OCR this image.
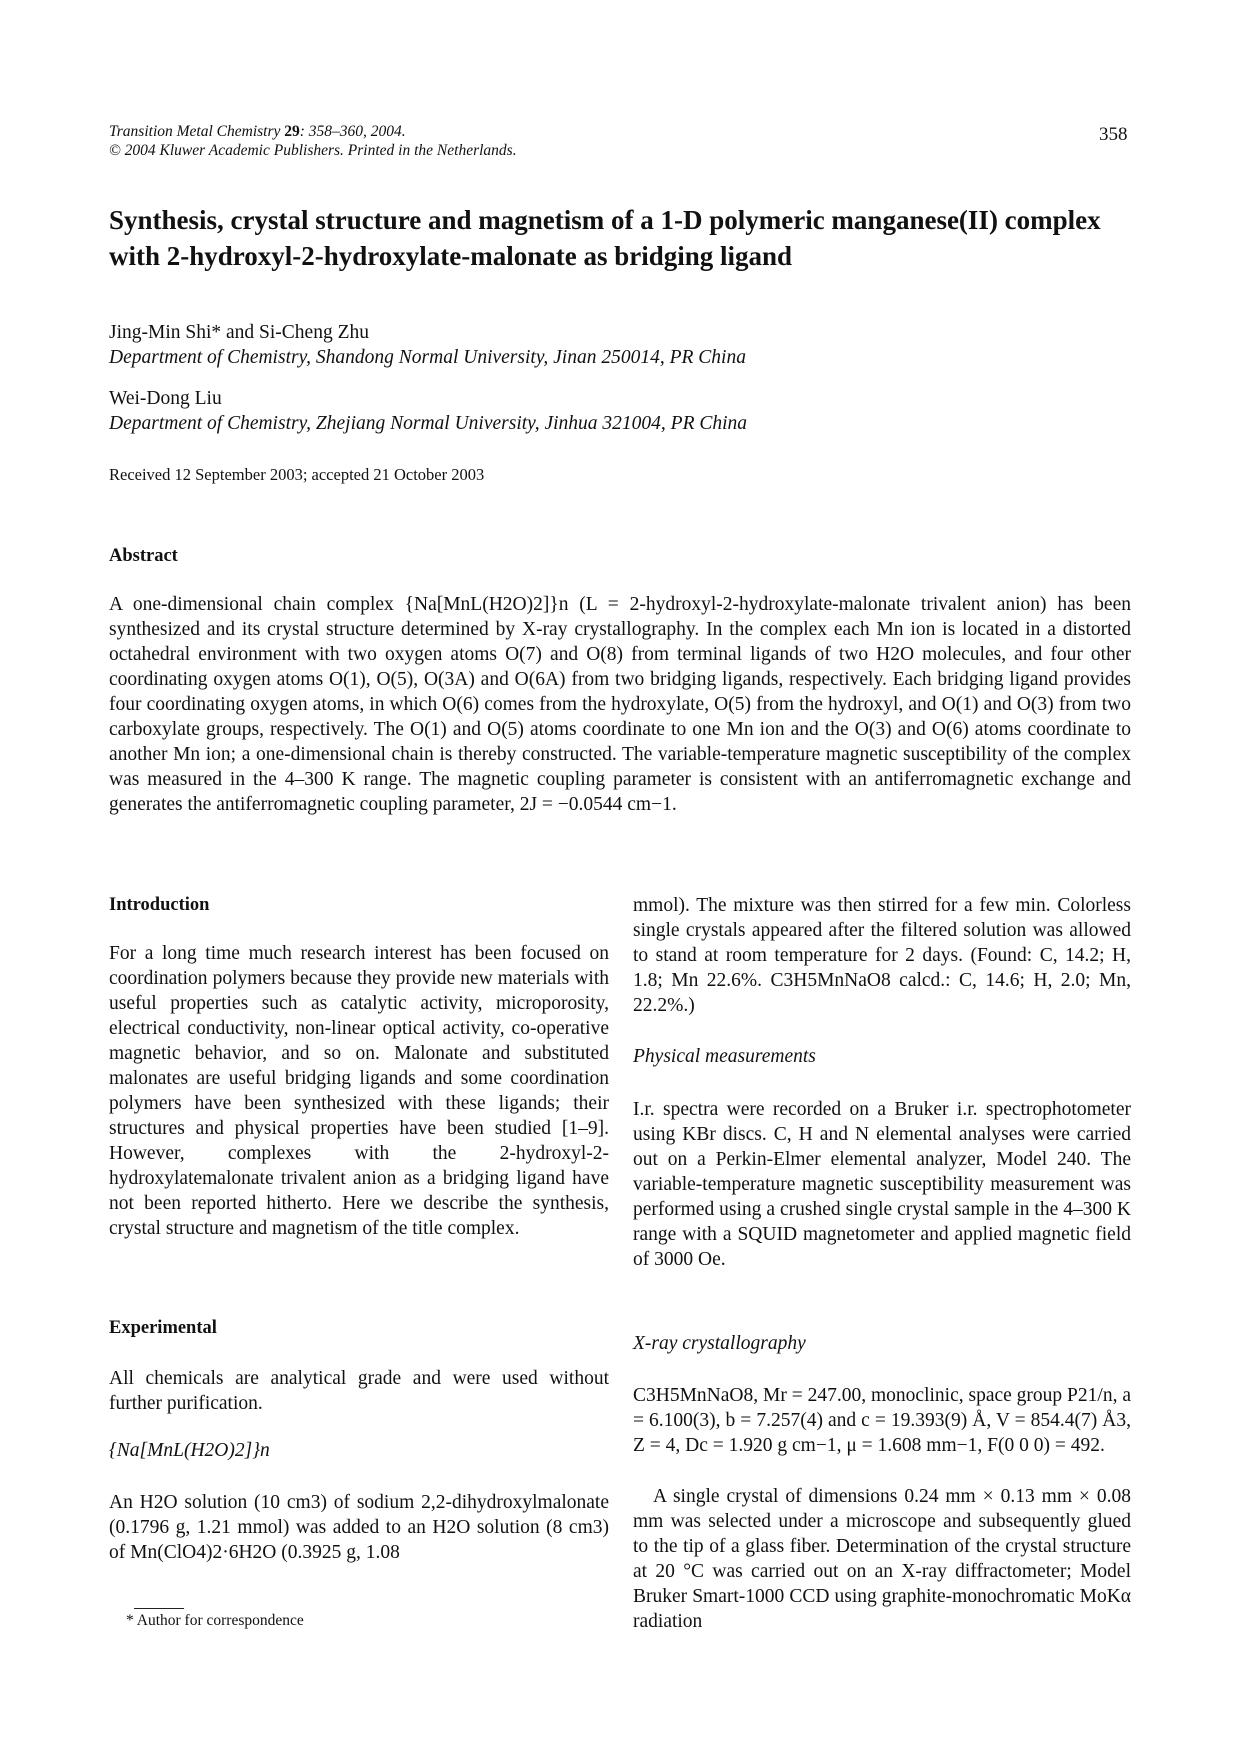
Transition Metal Chemistry 29: 358–360, 2004.
© 2004 Kluwer Academic Publishers. Printed in the Netherlands.
358
Synthesis, crystal structure and magnetism of a 1-D polymeric manganese(II) complex with 2-hydroxyl-2-hydroxylate-malonate as bridging ligand
Jing-Min Shi* and Si-Cheng Zhu
Department of Chemistry, Shandong Normal University, Jinan 250014, PR China
Wei-Dong Liu
Department of Chemistry, Zhejiang Normal University, Jinhua 321004, PR China
Received 12 September 2003; accepted 21 October 2003
Abstract
A one-dimensional chain complex {Na[MnL(H2O)2]}n (L = 2-hydroxyl-2-hydroxylate-malonate trivalent anion) has been synthesized and its crystal structure determined by X-ray crystallography. In the complex each Mn ion is located in a distorted octahedral environment with two oxygen atoms O(7) and O(8) from terminal ligands of two H2O molecules, and four other coordinating oxygen atoms O(1), O(5), O(3A) and O(6A) from two bridging ligands, respectively. Each bridging ligand provides four coordinating oxygen atoms, in which O(6) comes from the hydroxylate, O(5) from the hydroxyl, and O(1) and O(3) from two carboxylate groups, respectively. The O(1) and O(5) atoms coordinate to one Mn ion and the O(3) and O(6) atoms coordinate to another Mn ion; a one-dimensional chain is thereby constructed. The variable-temperature magnetic susceptibility of the complex was measured in the 4–300 K range. The magnetic coupling parameter is consistent with an antiferromagnetic exchange and generates the antiferromagnetic coupling parameter, 2J = −0.0544 cm−1.
Introduction
For a long time much research interest has been focused on coordination polymers because they provide new materials with useful properties such as catalytic activity, microporosity, electrical conductivity, non-linear optical activity, co-operative magnetic behavior, and so on. Malonate and substituted malonates are useful bridging ligands and some coordination polymers have been synthesized with these ligands; their structures and physical properties have been studied [1–9]. However, complexes with the 2-hydroxyl-2-hydroxylatemalonate trivalent anion as a bridging ligand have not been reported hitherto. Here we describe the synthesis, crystal structure and magnetism of the title complex.
Experimental
All chemicals are analytical grade and were used without further purification.
{Na[MnL(H2O)2]}n
An H2O solution (10 cm3) of sodium 2,2-dihydroxylmalonate (0.1796 g, 1.21 mmol) was added to an H2O solution (8 cm3) of Mn(ClO4)2·6H2O (0.3925 g, 1.08
* Author for correspondence
mmol). The mixture was then stirred for a few min. Colorless single crystals appeared after the filtered solution was allowed to stand at room temperature for 2 days. (Found: C, 14.2; H, 1.8; Mn 22.6%. C3H5MnNaO8 calcd.: C, 14.6; H, 2.0; Mn, 22.2%.)
Physical measurements
I.r. spectra were recorded on a Bruker i.r. spectrophotometer using KBr discs. C, H and N elemental analyses were carried out on a Perkin-Elmer elemental analyzer, Model 240. The variable-temperature magnetic susceptibility measurement was performed using a crushed single crystal sample in the 4–300 K range with a SQUID magnetometer and applied magnetic field of 3000 Oe.
X-ray crystallography
C3H5MnNaO8, Mr = 247.00, monoclinic, space group P21/n, a = 6.100(3), b = 7.257(4) and c = 19.393(9) Å, V = 854.4(7) Å3, Z = 4, Dc = 1.920 g cm−1, μ = 1.608 mm−1, F(0 0 0) = 492.
A single crystal of dimensions 0.24 mm × 0.13 mm × 0.08 mm was selected under a microscope and subsequently glued to the tip of a glass fiber. Determination of the crystal structure at 20 °C was carried out on an X-ray diffractometer; Model Bruker Smart-1000 CCD using graphite-monochromatic MoKα radiation
